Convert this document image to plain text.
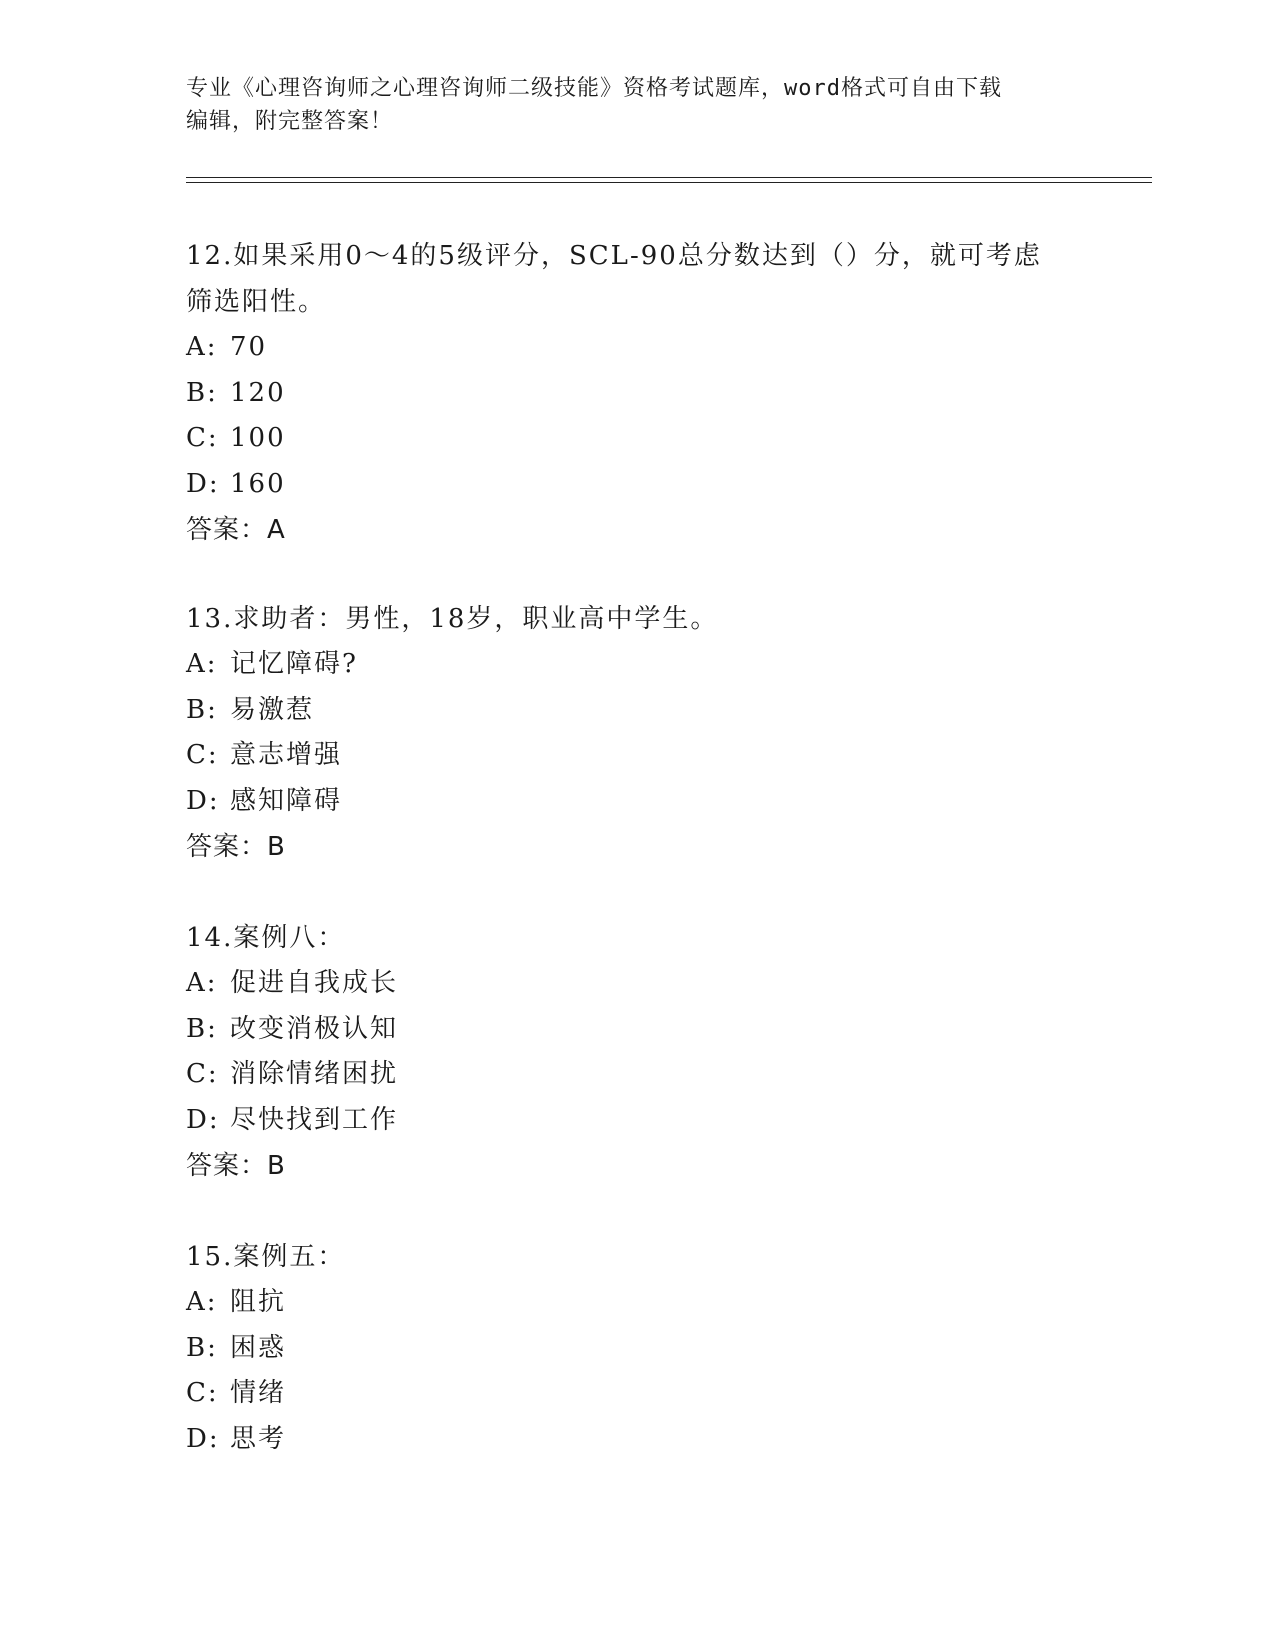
专业《心理咨询师之心理咨询师二级技能》资格考试题库，word格式可自由下载
编辑，附完整答案！
12.如果采用0～4的5级评分，SCL-90总分数达到（）分，就可考虑
筛选阳性。
A: 70
B: 120
C: 100
D: 160
答案：A
13.求助者：男性，18岁，职业高中学生。
A: 记忆障碍?
B: 易激惹
C: 意志增强
D: 感知障碍
答案：B
14.案例八：
A: 促进自我成长
B: 改变消极认知
C: 消除情绪困扰
D: 尽快找到工作
答案：B
15.案例五：
A: 阻抗
B: 困惑
C: 情绪
D: 思考
